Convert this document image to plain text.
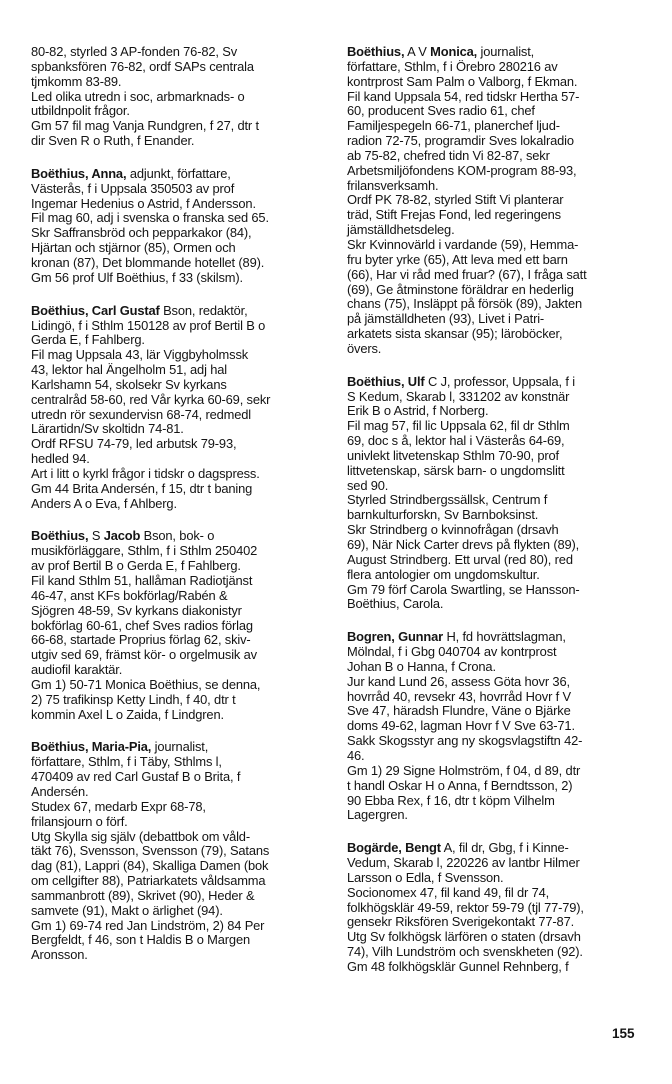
80-82, styrled 3 AP-fonden 76-82, Sv
spbanksfören 76-82, ordf SAPs centrala
tjmkomm 83-89.
Led olika utredn i soc, arbmarknads- o
utbildnpolit frågor.
Gm 57 fil mag Vanja Rundgren, f 27, dtr t
dir Sven R o Ruth, f Enander.
Boëthius, Anna, adjunkt, författare,
Västerås, f i Uppsala 350503 av prof
Ingemar Hedenius o Astrid, f Andersson.
Fil mag 60, adj i svenska o franska sed 65.
Skr Saffransbröd och pepparkakor (84),
Hjärtan och stjärnor (85), Ormen och
kronan (87), Det blommande hotellet (89).
Gm 56 prof Ulf Boëthius, f 33 (skilsm).
Boëthius, Carl Gustaf Bson, redaktör,
Lidingö, f i Sthlm 150128 av prof Bertil B o
Gerda E, f Fahlberg.
Fil mag Uppsala 43, lär Viggbyholmssk
43, lektor hal Ängelholm 51, adj hal
Karlshamn 54, skolsekr Sv kyrkans
centralråd 58-60, red Vår kyrka 60-69, sekr
utredn rör sexundervisn 68-74, redmedl
Lärartidn/Sv skoltidn 74-81.
Ordf RFSU 74-79, led arbutsk 79-93,
hedled 94.
Art i litt o kyrkl frågor i tidskr o dagspress.
Gm 44 Brita Andersén, f 15, dtr t baning
Anders A o Eva, f Ahlberg.
Boëthius, S Jacob Bson, bok- o
musikförläggare, Sthlm, f i Sthlm 250402
av prof Bertil B o Gerda E, f Fahlberg.
Fil kand Sthlm 51, hallåman Radiotjänst
46-47, anst KFs bokförlag/Rabén &
Sjögren 48-59, Sv kyrkans diakonistyr
bokförlag 60-61, chef Sves radios förlag
66-68, startade Proprius förlag 62, skiv-
utgiv sed 69, främst kör- o orgelmusik av
audiofil karaktär.
Gm 1) 50-71 Monica Boëthius, se denna,
2) 75 trafikinsp Ketty Lindh, f 40, dtr t
kommin Axel L o Zaida, f Lindgren.
Boëthius, Maria-Pia, journalist,
författare, Sthlm, f i Täby, Sthlms l,
470409 av red Carl Gustaf B o Brita, f
Andersén.
Studex 67, medarb Expr 68-78,
frilansjourn o förf.
Utg Skylla sig själv (debattbok om våld-
täkt 76), Svensson, Svensson (79), Satans
dag (81), Lappri (84), Skalliga Damen (bok
om cellgifter 88), Patriarkatets våldsamma
sammanbrott (89), Skrivet (90), Heder &
samvete (91), Makt o ärlighet (94).
Gm 1) 69-74 red Jan Lindström, 2) 84 Per
Bergfeldt, f 46, son t Haldis B o Margen
Aronsson.
Boëthius, A V Monica, journalist,
författare, Sthlm, f i Örebro 280216 av
kontrprost Sam Palm o Valborg, f Ekman.
Fil kand Uppsala 54, red tidskr Hertha 57-
60, producent Sves radio 61, chef
Familjespegeln 66-71, planerchef ljud-
radion 72-75, programdir Sves lokalradio
ab 75-82, chefred tidn Vi 82-87, sekr
Arbetsmiljöfondens KOM-program 88-93,
frilansverksamh.
Ordf PK 78-82, styrled Stift Vi planterar
träd, Stift Frejas Fond, led regeringens
jämställdhetsdeleg.
Skr Kvinnovärld i vardande (59), Hemma-
fru byter yrke (65), Att leva med ett barn
(66), Har vi råd med fruar? (67), I fråga satt
(69), Ge åtminstone föräldrar en hederlig
chans (75), Insläppt på försök (89), Jakten
på jämställdheten (93), Livet i Patri-
arkatets sista skansar (95); läroböcker,
övers.
Boëthius, Ulf C J, professor, Uppsala, f i
S Kedum, Skarab l, 331202 av konstnär
Erik B o Astrid, f Norberg.
Fil mag 57, fil lic Uppsala 62, fil dr Sthlm
69, doc s å, lektor hal i Västerås 64-69,
univlekt litvetenskap Sthlm 70-90, prof
littvetenskap, särsk barn- o ungdomslitt
sed 90.
Styrled Strindbergssällsk, Centrum f
barnkulturforskn, Sv Barnboksinst.
Skr Strindberg o kvinnofrågan (drsavh
69), När Nick Carter drevs på flykten (89),
August Strindberg. Ett urval (red 80), red
flera antologier om ungdomskultur.
Gm 79 förf Carola Swartling, se Hansson-
Boëthius, Carola.
Bogren, Gunnar H, fd hovrättslagman,
Mölndal, f i Gbg 040704 av kontrprost
Johan B o Hanna, f Crona.
Jur kand Lund 26, assess Göta hovr 36,
hovrråd 40, revsekr 43, hovrråd Hovr f V
Sve 47, häradsh Flundre, Väne o Bjärke
doms 49-62, lagman Hovr f V Sve 63-71.
Sakk Skogsstyr ang ny skogsvlagstiftn 42-
46.
Gm 1) 29 Signe Holmström, f 04, d 89, dtr
t handl Oskar H o Anna, f Berndtsson, 2)
90 Ebba Rex, f 16, dtr t köpm Vilhelm
Lagergren.
Bogärde, Bengt A, fil dr, Gbg, f i Kinne-
Vedum, Skarab l, 220226 av lantbr Hilmer
Larsson o Edla, f Svensson.
Socionomex 47, fil kand 49, fil dr 74,
folkhögsklär 49-59, rektor 59-79 (tjl 77-79),
gensekr Riksfören Sverigekontakt 77-87.
Utg Sv folkhögsk lärfören o staten (drsavh
74), Vilh Lundström och svenskheten (92).
Gm 48 folkhögsklär Gunnel Rehnberg, f
155
